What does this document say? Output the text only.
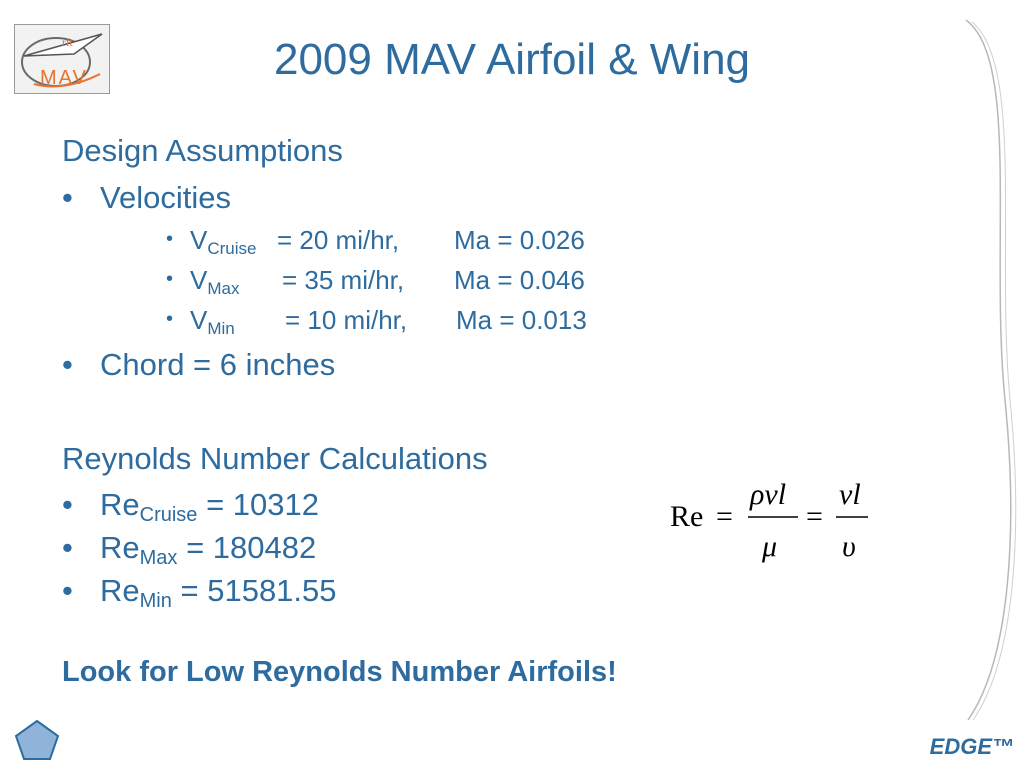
rit
MAV	2009 MAV Airfoil & Wing
Design Assumptions
• Velocities
• $V_{Cruise} = 20$ mi/hr, Ma = 0.026
• $V_{Max} = 35$ mi/hr, Ma = 0.046
• $V_{Min} = 10$ mi/hr, Ma = 0.013
• Chord = 6 inches
Reynolds Number Calculations
• $Re_{Cruise} = 10312$
• $Re_{Max} = 180482$
• $Re_{Min} = 51581.55$
Re =
ρvl
μ
=
vl
υ
Look for Low Reynolds Number Airfoils!
EDGE™
